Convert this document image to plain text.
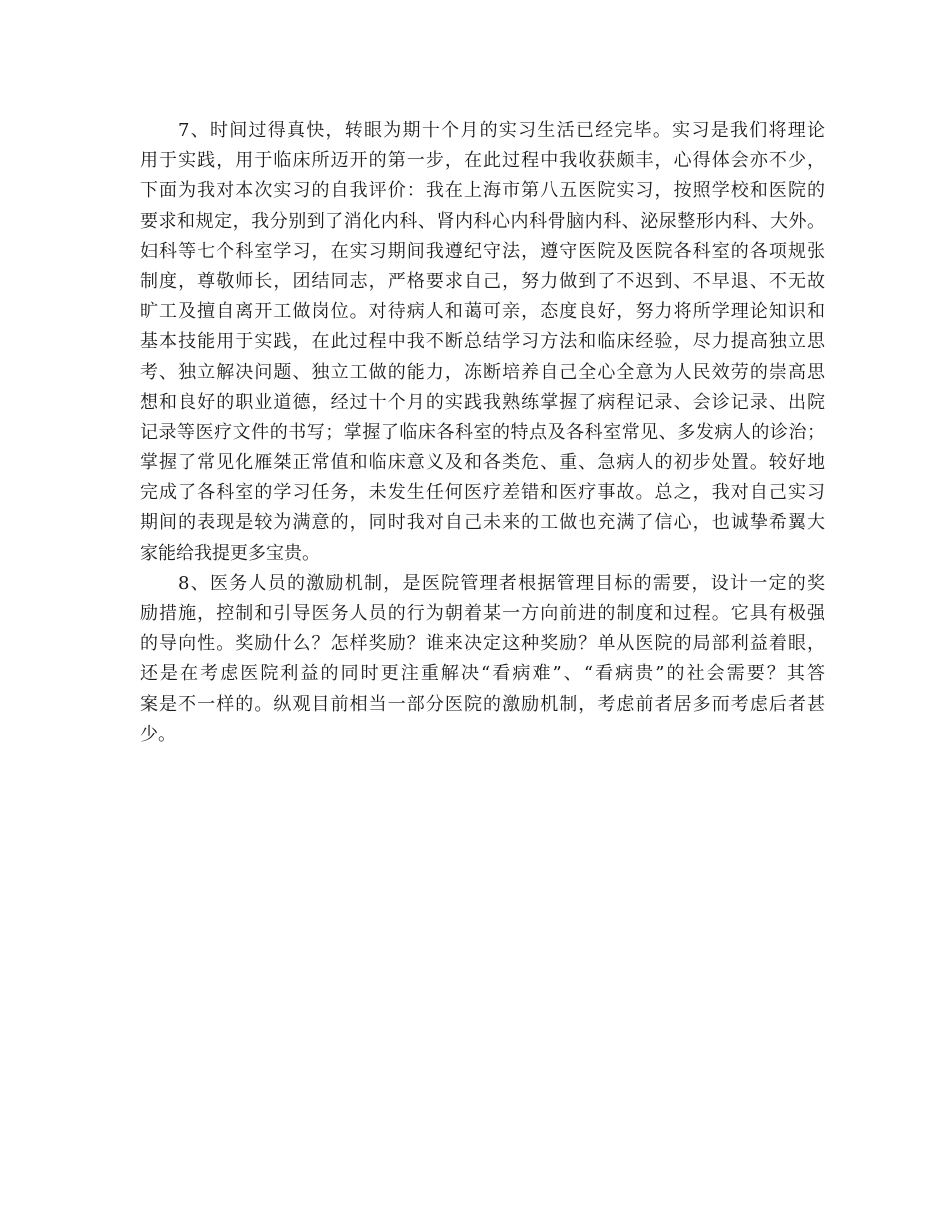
7、时间过得真快，转眼为期十个月的实习生活已经完毕。实习是我们将理论
用于实践，用于临床所迈开的第一步，在此过程中我收获颇丰，心得体会亦不少，
下面为我对本次实习的自我评价：我在上海市第八五医院实习，按照学校和医院的
要求和规定，我分别到了消化内科、肾内科心内科骨脑内科、泌尿整形内科、大外。
妇科等七个科室学习，在实习期间我遵纪守法，遵守医院及医院各科室的各项规张
制度，尊敬师长，团结同志，严格要求自己，努力做到了不迟到、不早退、不无故
旷工及擅自离开工做岗位。对待病人和蔼可亲，态度良好，努力将所学理论知识和
基本技能用于实践，在此过程中我不断总结学习方法和临床经验，尽力提高独立思
考、独立解决问题、独立工做的能力，冻断培养自己全心全意为人民效劳的崇高思
想和良好的职业道德，经过十个月的实践我熟练掌握了病程记录、会诊记录、出院
记录等医疗文件的书写；掌握了临床各科室的特点及各科室常见、多发病人的诊治；
掌握了常见化雁桀正常值和临床意义及和各类危、重、急病人的初步处置。较好地
完成了各科室的学习任务，未发生任何医疗差错和医疗事故。总之，我对自己实习
期间的表现是较为满意的，同时我对自己未来的工做也充满了信心，也诚挚希翼大
家能给我提更多宝贵。
8、医务人员的激励机制，是医院管理者根据管理目标的需要，设计一定的奖
励措施，控制和引导医务人员的行为朝着某一方向前进的制度和过程。它具有极强
的导向性。奖励什么？怎样奖励？谁来决定这种奖励？单从医院的局部利益着眼，
还是在考虑医院利益的同时更注重解决“看病难”、“看病贵”的社会需要？其答
案是不一样的。纵观目前相当一部分医院的激励机制，考虑前者居多而考虑后者甚
少。
